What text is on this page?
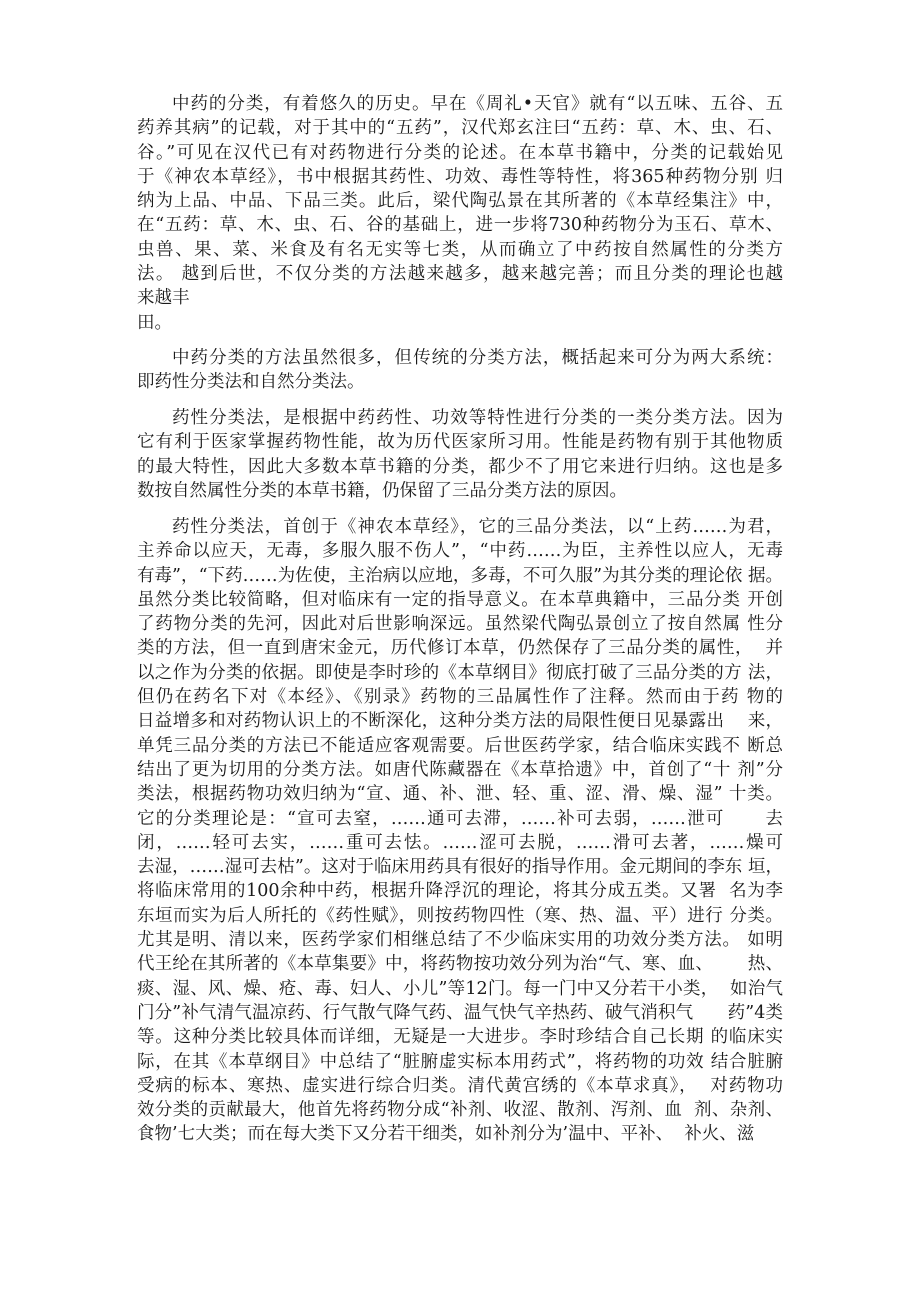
中药的分类，有着悠久的历史。早在《周礼•天官》就有“以五味、五谷、五
药养其病”的记载，对于其中的“五药”，汉代郑玄注曰“五药：草、木、虫、石、
谷。”可见在汉代已有对药物进行分类的论述。在本草书籍中，分类的记载始见
于《神农本草经》，书中根据其药性、功效、毒性等特性，将365种药物分别 归
纳为上品、中品、下品三类。此后，梁代陶弘景在其所著的《本草经集注》中，
在“五药：草、木、虫、石、谷的基础上，进一步将730种药物分为玉石、草木、
虫兽、果、菜、米食及有名无实等七类，从而确立了中药按自然属性的分类方
法。 越到后世，不仅分类的方法越来越多，越来越完善；而且分类的理论也越
来越丰
田。
中药分类的方法虽然很多，但传统的分类方法，概括起来可分为两大系统：
即药性分类法和自然分类法。
药性分类法，是根据中药药性、功效等特性进行分类的一类分类方法。因为
它有利于医家掌握药物性能，故为历代医家所习用。性能是药物有别于其他物质
的最大特性，因此大多数本草书籍的分类，都少不了用它来进行归纳。这也是多
数按自然属性分类的本草书籍，仍保留了三品分类方法的原因。
药性分类法，首创于《神农本草经》，它的三品分类法，以“上药……为君，
主养命以应天，无毒，多服久服不伤人”，“中药……为臣，主养性以应人，无毒
有毒”，“下药……为佐使，主治病以应地，多毒，不可久服”为其分类的理论依 据。
虽然分类比较简略，但对临床有一定的指导意义。在本草典籍中，三品分类 开创
了药物分类的先河，因此对后世影响深远。虽然梁代陶弘景创立了按自然属 性分
类的方法，但一直到唐宋金元，历代修订本草，仍然保存了三品分类的属性，  并
以之作为分类的依据。即使是李时珍的《本草纲目》彻底打破了三品分类的方 法，
但仍在药名下对《本经》、《别录》药物的三品属性作了注释。然而由于药 物的
日益增多和对药物认识上的不断深化，这种分类方法的局限性便日见暴露出    来，
单凭三品分类的方法已不能适应客观需要。后世医药学家，结合临床实践不 断总
结出了更为切用的分类方法。如唐代陈藏器在《本草拾遗》中，首创了“十 剂”分
类法，根据药物功效归纳为“宣、通、补、泄、轻、重、涩、滑、燥、湿” 十类。
它的分类理论是：“宣可去窒，……通可去滞，……补可去弱，……泄可      去
闭，……轻可去实，……重可去怯。……涩可去脱，……滑可去著，……燥可
去湿，……湿可去枯”。这对于临床用药具有很好的指导作用。金元期间的李东 垣，
将临床常用的100余种中药，根据升降浮沉的理论，将其分成五类。又署  名为李
东垣而实为后人所托的《药性赋》，则按药物四性（寒、热、温、平）进行 分类。
尤其是明、清以来，医药学家们相继总结了不少临床实用的功效分类方法。 如明
代王纶在其所著的《本草集要》中，将药物按功效分列为治“气、寒、血、      热、
痰、湿、风、燥、疮、毒、妇人、小儿”等12门。每一门中又分若干小类，  如治气
门分”补气清气温凉药、行气散气降气药、温气快气辛热药、破气消积气      药”4类
等。这种分类比较具体而详细，无疑是一大进步。李时珍结合自己长期 的临床实
际，在其《本草纲目》中总结了“脏腑虚实标本用药式”，将药物的功效 结合脏腑
受病的标本、寒热、虚实进行综合归类。清代黄宫绣的《本草求真》，  对药物功
效分类的贡献最大，他首先将药物分成“补剂、收涩、散剂、泻剂、血  剂、杂剂、
食物’七大类；而在每大类下又分若干细类，如补剂分为’温中、平补、  补火、滋
